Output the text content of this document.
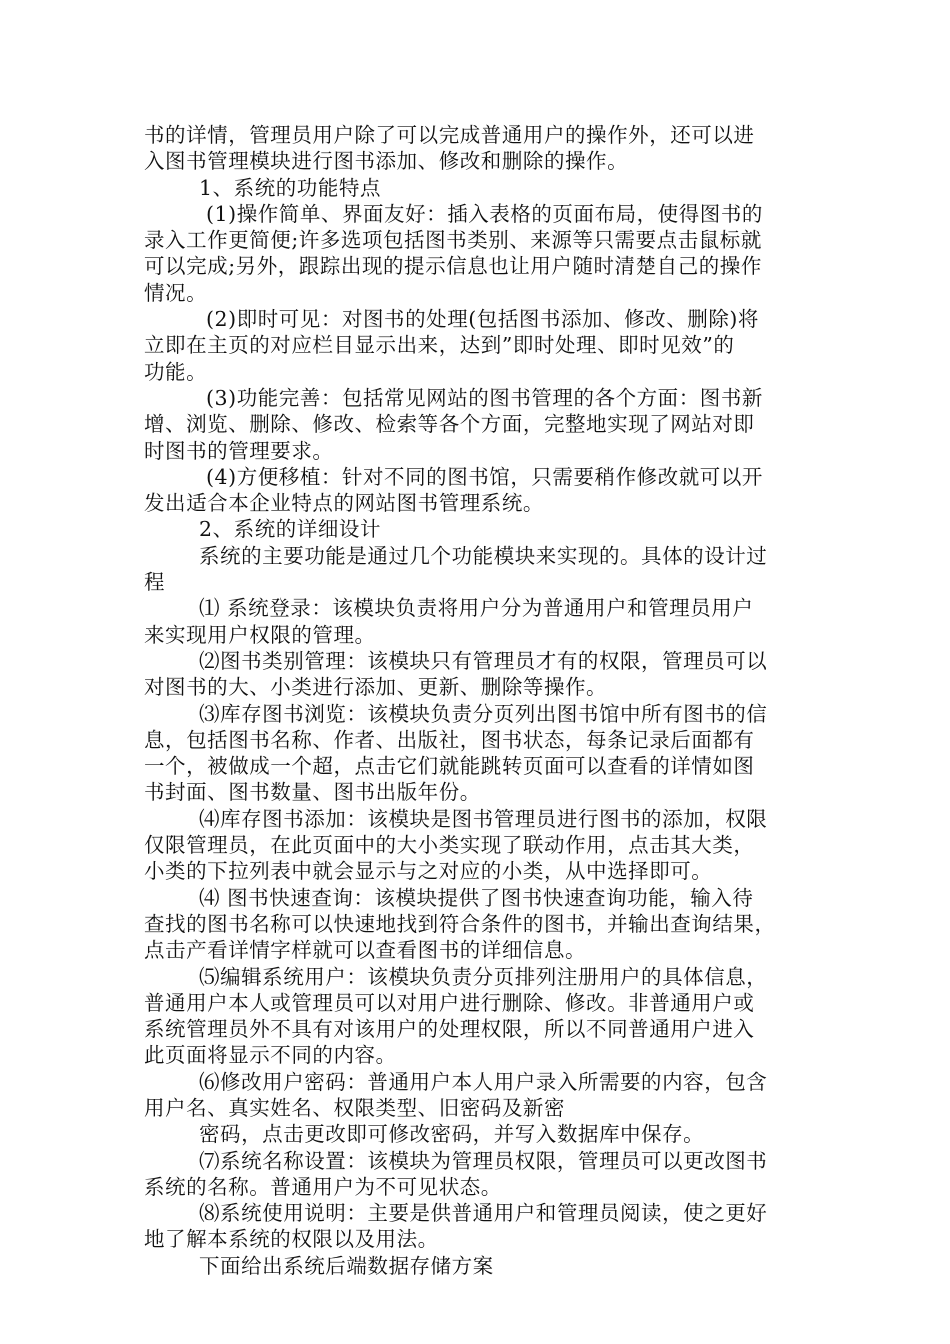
书的详情，管理员用户除了可以完成普通用户的操作外，还可以进
入图书管理模块进行图书添加、修改和删除的操作。
1、系统的功能特点
(1)操作简单、界面友好：插入表格的页面布局，使得图书的
录入工作更简便;许多选项包括图书类别、来源等只需要点击鼠标就
可以完成;另外，跟踪出现的提示信息也让用户随时清楚自己的操作
情况。
(2)即时可见：对图书的处理(包括图书添加、修改、删除)将
立即在主页的对应栏目显示出来，达到”即时处理、即时见效”的
功能。
(3)功能完善：包括常见网站的图书管理的各个方面：图书新
增、浏览、删除、修改、检索等各个方面，完整地实现了网站对即
时图书的管理要求。
(4)方便移植：针对不同的图书馆，只需要稍作修改就可以开
发出适合本企业特点的网站图书管理系统。
2、系统的详细设计
系统的主要功能是通过几个功能模块来实现的。具体的设计过
程
⑴ 系统登录：该模块负责将用户分为普通用户和管理员用户
来实现用户权限的管理。
⑵图书类别管理：该模块只有管理员才有的权限，管理员可以
对图书的大、小类进行添加、更新、删除等操作。
⑶库存图书浏览：该模块负责分页列出图书馆中所有图书的信
息，包括图书名称、作者、出版社，图书状态，每条记录后面都有
一个，被做成一个超，点击它们就能跳转页面可以查看的详情如图
书封面、图书数量、图书出版年份。
⑷库存图书添加：该模块是图书管理员进行图书的添加，权限
仅限管理员，在此页面中的大小类实现了联动作用，点击其大类，
小类的下拉列表中就会显示与之对应的小类，从中选择即可。
⑷ 图书快速查询：该模块提供了图书快速查询功能，输入待
查找的图书名称可以快速地找到符合条件的图书，并输出查询结果，
点击产看详情字样就可以查看图书的详细信息。
⑸编辑系统用户：该模块负责分页排列注册用户的具体信息，
普通用户本人或管理员可以对用户进行删除、修改。非普通用户或
系统管理员外不具有对该用户的处理权限，所以不同普通用户进入
此页面将显示不同的内容。
⑹修改用户密码：普通用户本人用户录入所需要的内容，包含
用户名、真实姓名、权限类型、旧密码及新密
密码，点击更改即可修改密码，并写入数据库中保存。
⑺系统名称设置：该模块为管理员权限，管理员可以更改图书
系统的名称。普通用户为不可见状态。
⑻系统使用说明：主要是供普通用户和管理员阅读，使之更好
地了解本系统的权限以及用法。
下面给出系统后端数据存储方案
